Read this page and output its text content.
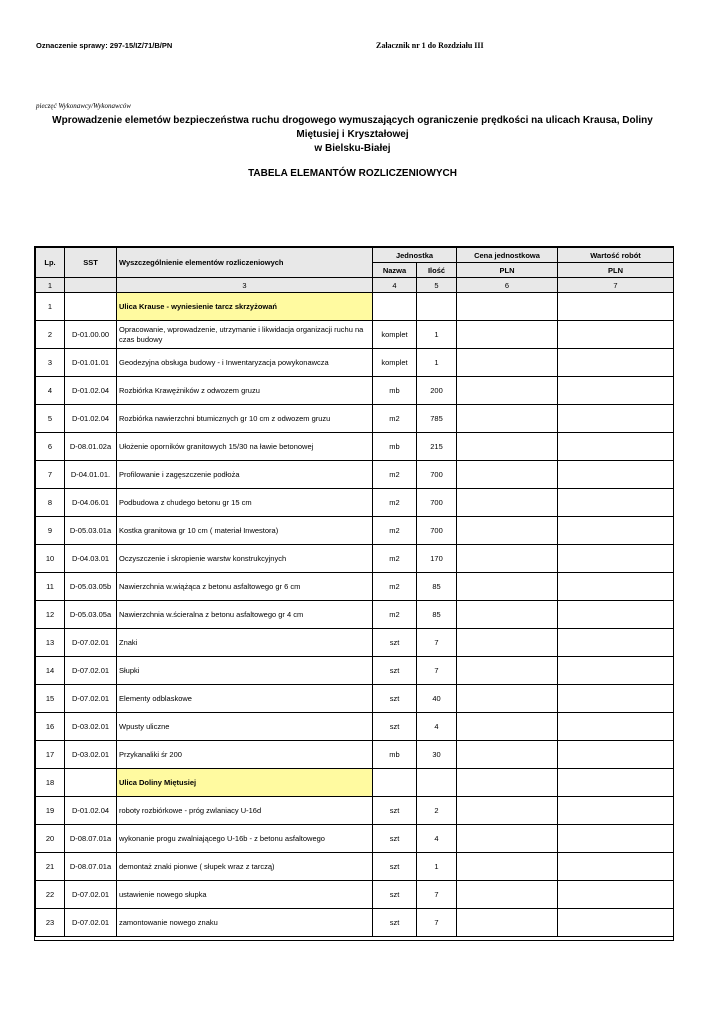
Oznaczenie sprawy: 297-15/IZ/71/B/PN	Załacznik nr 1 do Rozdziału III
pieczęć Wykonawcy/Wykonawców
Wprowadzenie elemetów bezpieczeństwa ruchu drogowego wymuszających ograniczenie prędkości na ulicach Krausa, Doliny Miętusiej i Kryształowej
w Bielsku-Białej
TABELA ELEMANTÓW ROZLICZENIOWYCH
Lp.	SST	Wyszczególnienie elementów rozliczeniowych	Jednostka		Cena jednostkowa	Wartość robót
			Nazwa	Ilość	PLN	PLN
1		3	4	5	6	7
1		Ulica Krause - wyniesienie tarcz skrzyżowań				
2	D-01.00.00	Opracowanie, wprowadzenie, utrzymanie i likwidacja organizacji ruchu na czas budowy	komplet	1		
3	D-01.01.01	Geodezyjna obsługa budowy - i Inwentaryzacja powykonawcza	komplet	1		
4	D-01.02.04	Rozbiórka Krawężników z odwozem gruzu	mb	200		
5	D-01.02.04	Rozbiórka nawierzchni btumicznych gr 10 cm z odwozem gruzu	m2	785		
6	D-08.01.02a	Ułożenie oporników granitowych 15/30 na ławie betonowej	mb	215		
7	D-04.01.01.	Profilowanie i zagęszczenie podłoża	m2	700		
8	D-04.06.01	Podbudowa z chudego betonu gr 15 cm	m2	700		
9	D-05.03.01a	Kostka granitowa gr 10 cm ( materiał Inwestora)	m2	700		
10	D-04.03.01	Oczyszczenie i skropienie warstw konstrukcyjnych	m2	170		
11	D-05.03.05b	Nawierzchnia w.wiążąca z betonu asfaltowego gr 6 cm	m2	85		
12	D-05.03.05a	Nawierzchnia w.ścieralna z betonu asfaltowego gr 4 cm	m2	85		
13	D-07.02.01	Znaki	szt	7		
14	D-07.02.01	Słupki	szt	7		
15	D-07.02.01	Elementy odblaskowe	szt	40		
16	D-03.02.01	Wpusty uliczne	szt	4		
17	D-03.02.01	Przykanaliki śr 200	mb	30		
18		Ulica Doliny Miętusiej				
19	D-01.02.04	roboty rozbiórkowe - próg zwlaniacy U-16d	szt	2		
20	D-08.07.01a	wykonanie progu zwalniającego U-16b - z betonu asfaltowego	szt	4		
21	D-08.07.01a	demontaż znaki pionwe ( słupek wraz z tarczą)	szt	1		
22	D-07.02.01	ustawienie nowego słupka	szt	7		
23	D-07.02.01	zamontowanie nowego znaku	szt	7		
